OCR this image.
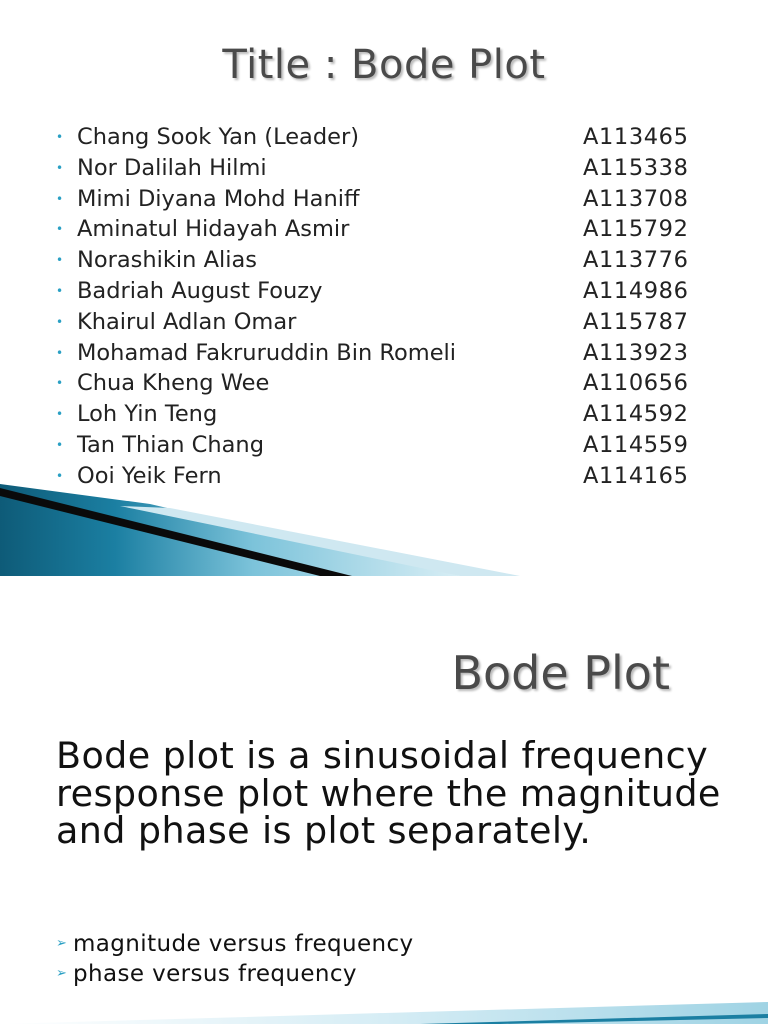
Title : Bode Plot
• Chang Sook Yan (Leader)	A113465
• Nor Dalilah Hilmi	A115338
• Mimi Diyana Mohd Haniff	A113708
• Aminatul Hidayah Asmir	A115792
• Norashikin Alias	A113776
• Badriah August Fouzy	A114986
• Khairul Adlan Omar	A115787
• Mohamad Fakruruddin Bin Romeli	A113923
• Chua Kheng Wee	A110656
• Loh Yin Teng	A114592
• Tan Thian Chang	A114559
• Ooi Yeik Fern	A114165
Bode Plot

Bode plot is a sinusoidal frequency response plot where the magnitude and phase is plot separately.

➢ magnitude versus frequency
➢ phase versus frequency
